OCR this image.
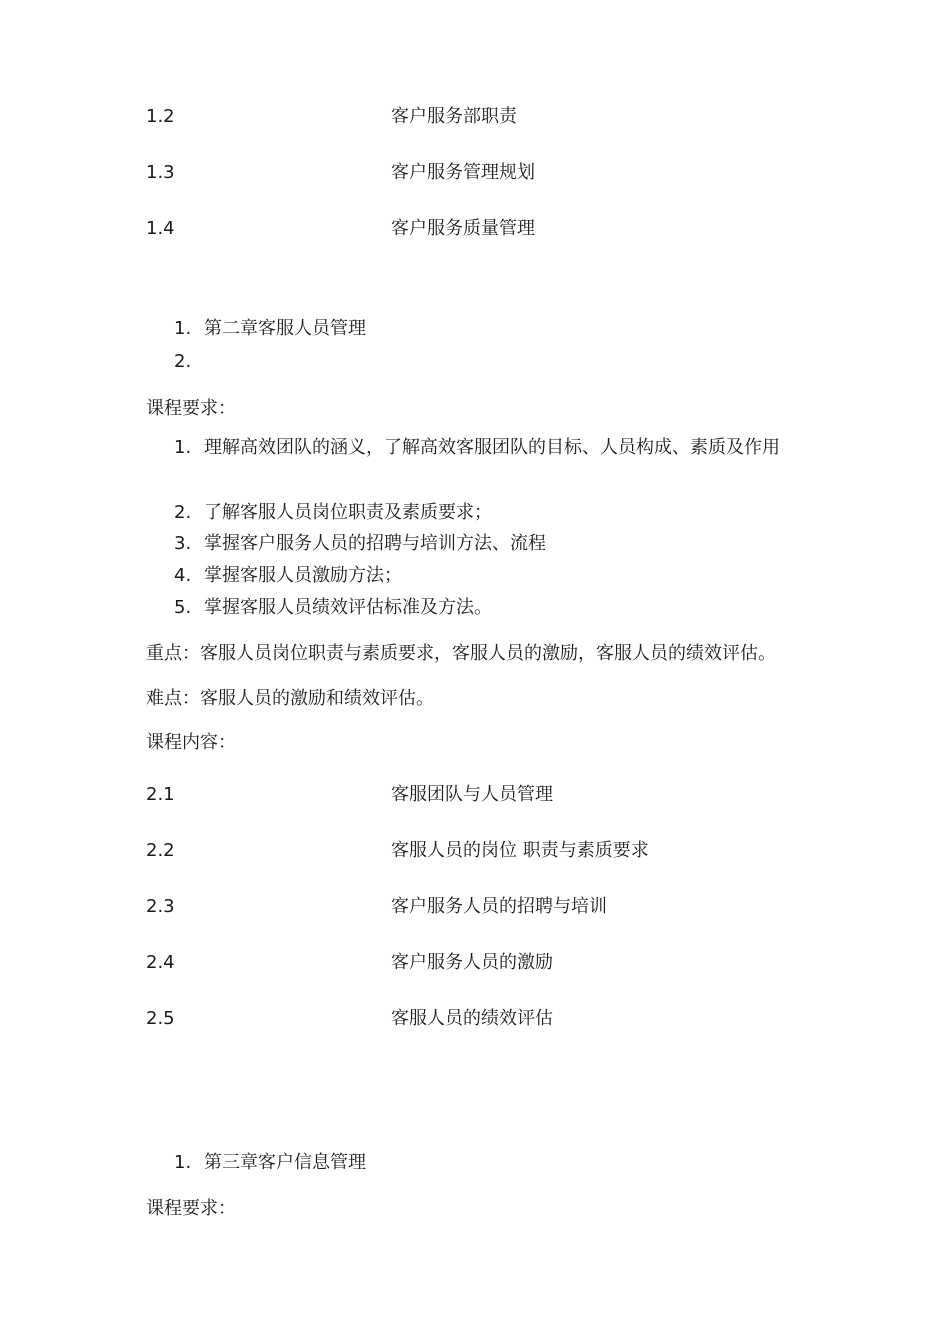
1.2	客户服务部职责
1.3	客户服务管理规划
1.4	客户服务质量管理
1. 第二章客服人员管理
2.
课程要求：
1. 理解高效团队的涵义，了解高效客服团队的目标、人员构成、素质及作用
2. 了解客服人员岗位职责及素质要求；
3. 掌握客户服务人员的招聘与培训方法、流程
4. 掌握客服人员激励方法；
5. 掌握客服人员绩效评估标准及方法。
重点：客服人员岗位职责与素质要求，客服人员的激励，客服人员的绩效评估。
难点：客服人员的激励和绩效评估。
课程内容：
2.1	客服团队与人员管理
2.2	客服人员的岗位 职责与素质要求
2.3	客户服务人员的招聘与培训
2.4	客户服务人员的激励
2.5	客服人员的绩效评估
1. 第三章客户信息管理
课程要求：
